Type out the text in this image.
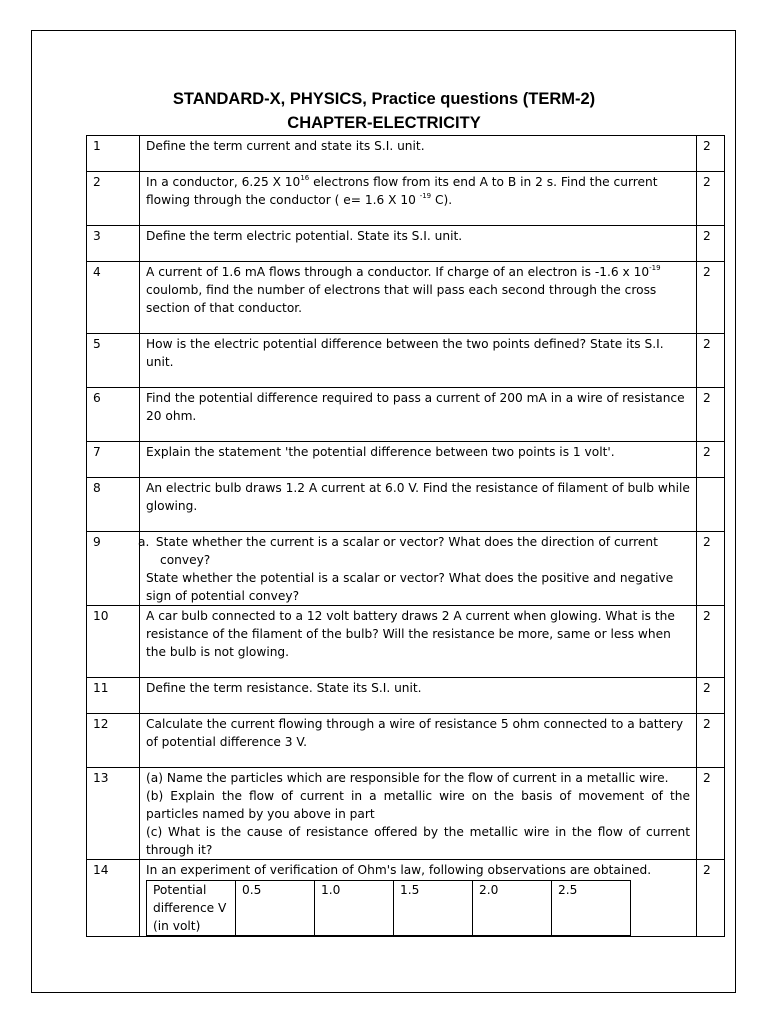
STANDARD-X, PHYSICS, Practice questions (TERM-2)
CHAPTER-ELECTRICITY
1	Define the term current and state its S.I. unit.	2
2	In a conductor, 6.25 X $10^{16}$ electrons flow from its end A to B in 2 s. Find the current flowing through the conductor ( e= 1.6 X 10 $^{-19}$ C).	2
3	Define the term electric potential. State its S.I. unit.	2
4	A current of 1.6 mA flows through a conductor. If charge of an electron is -1.6 x $10^{-19}$ coulomb, find the number of electrons that will pass each second through the cross section of that conductor.	2
5	How is the electric potential difference between the two points defined? State its S.I. unit.	2
6	Find the potential difference required to pass a current of 200 mA in a wire of resistance 20 ohm.	2
7	Explain the statement 'the potential difference between two points is 1 volt'.	2
8	An electric bulb draws 1.2 A current at 6.0 V. Find the resistance of filament of bulb while glowing.	
9	a. State whether the current is a scalar or vector? What does the direction of current convey?
State whether the potential is a scalar or vector? What does the positive and negative sign of potential convey?
	2
10	A car bulb connected to a 12 volt battery draws 2 A current when glowing. What is the resistance of the filament of the bulb? Will the resistance be more, same or less when the bulb is not glowing.	2
11	Define the term resistance. State its S.I. unit.	2
12	Calculate the current flowing through a wire of resistance 5 ohm connected to a battery of potential difference 3 V.	2
13	(a) Name the particles which are responsible for the flow of current in a metallic wire.
(b) Explain the flow of current in a metallic wire on the basis of movement of the particles named by you above in part
(c) What is the cause of resistance offered by the metallic wire in the flow of current through it?
	2
14	In an experiment of verification of Ohm's law, following observations are obtained.
Potential difference V (in volt)	0.5	1.0	1.5	2.0	2.5
	2
